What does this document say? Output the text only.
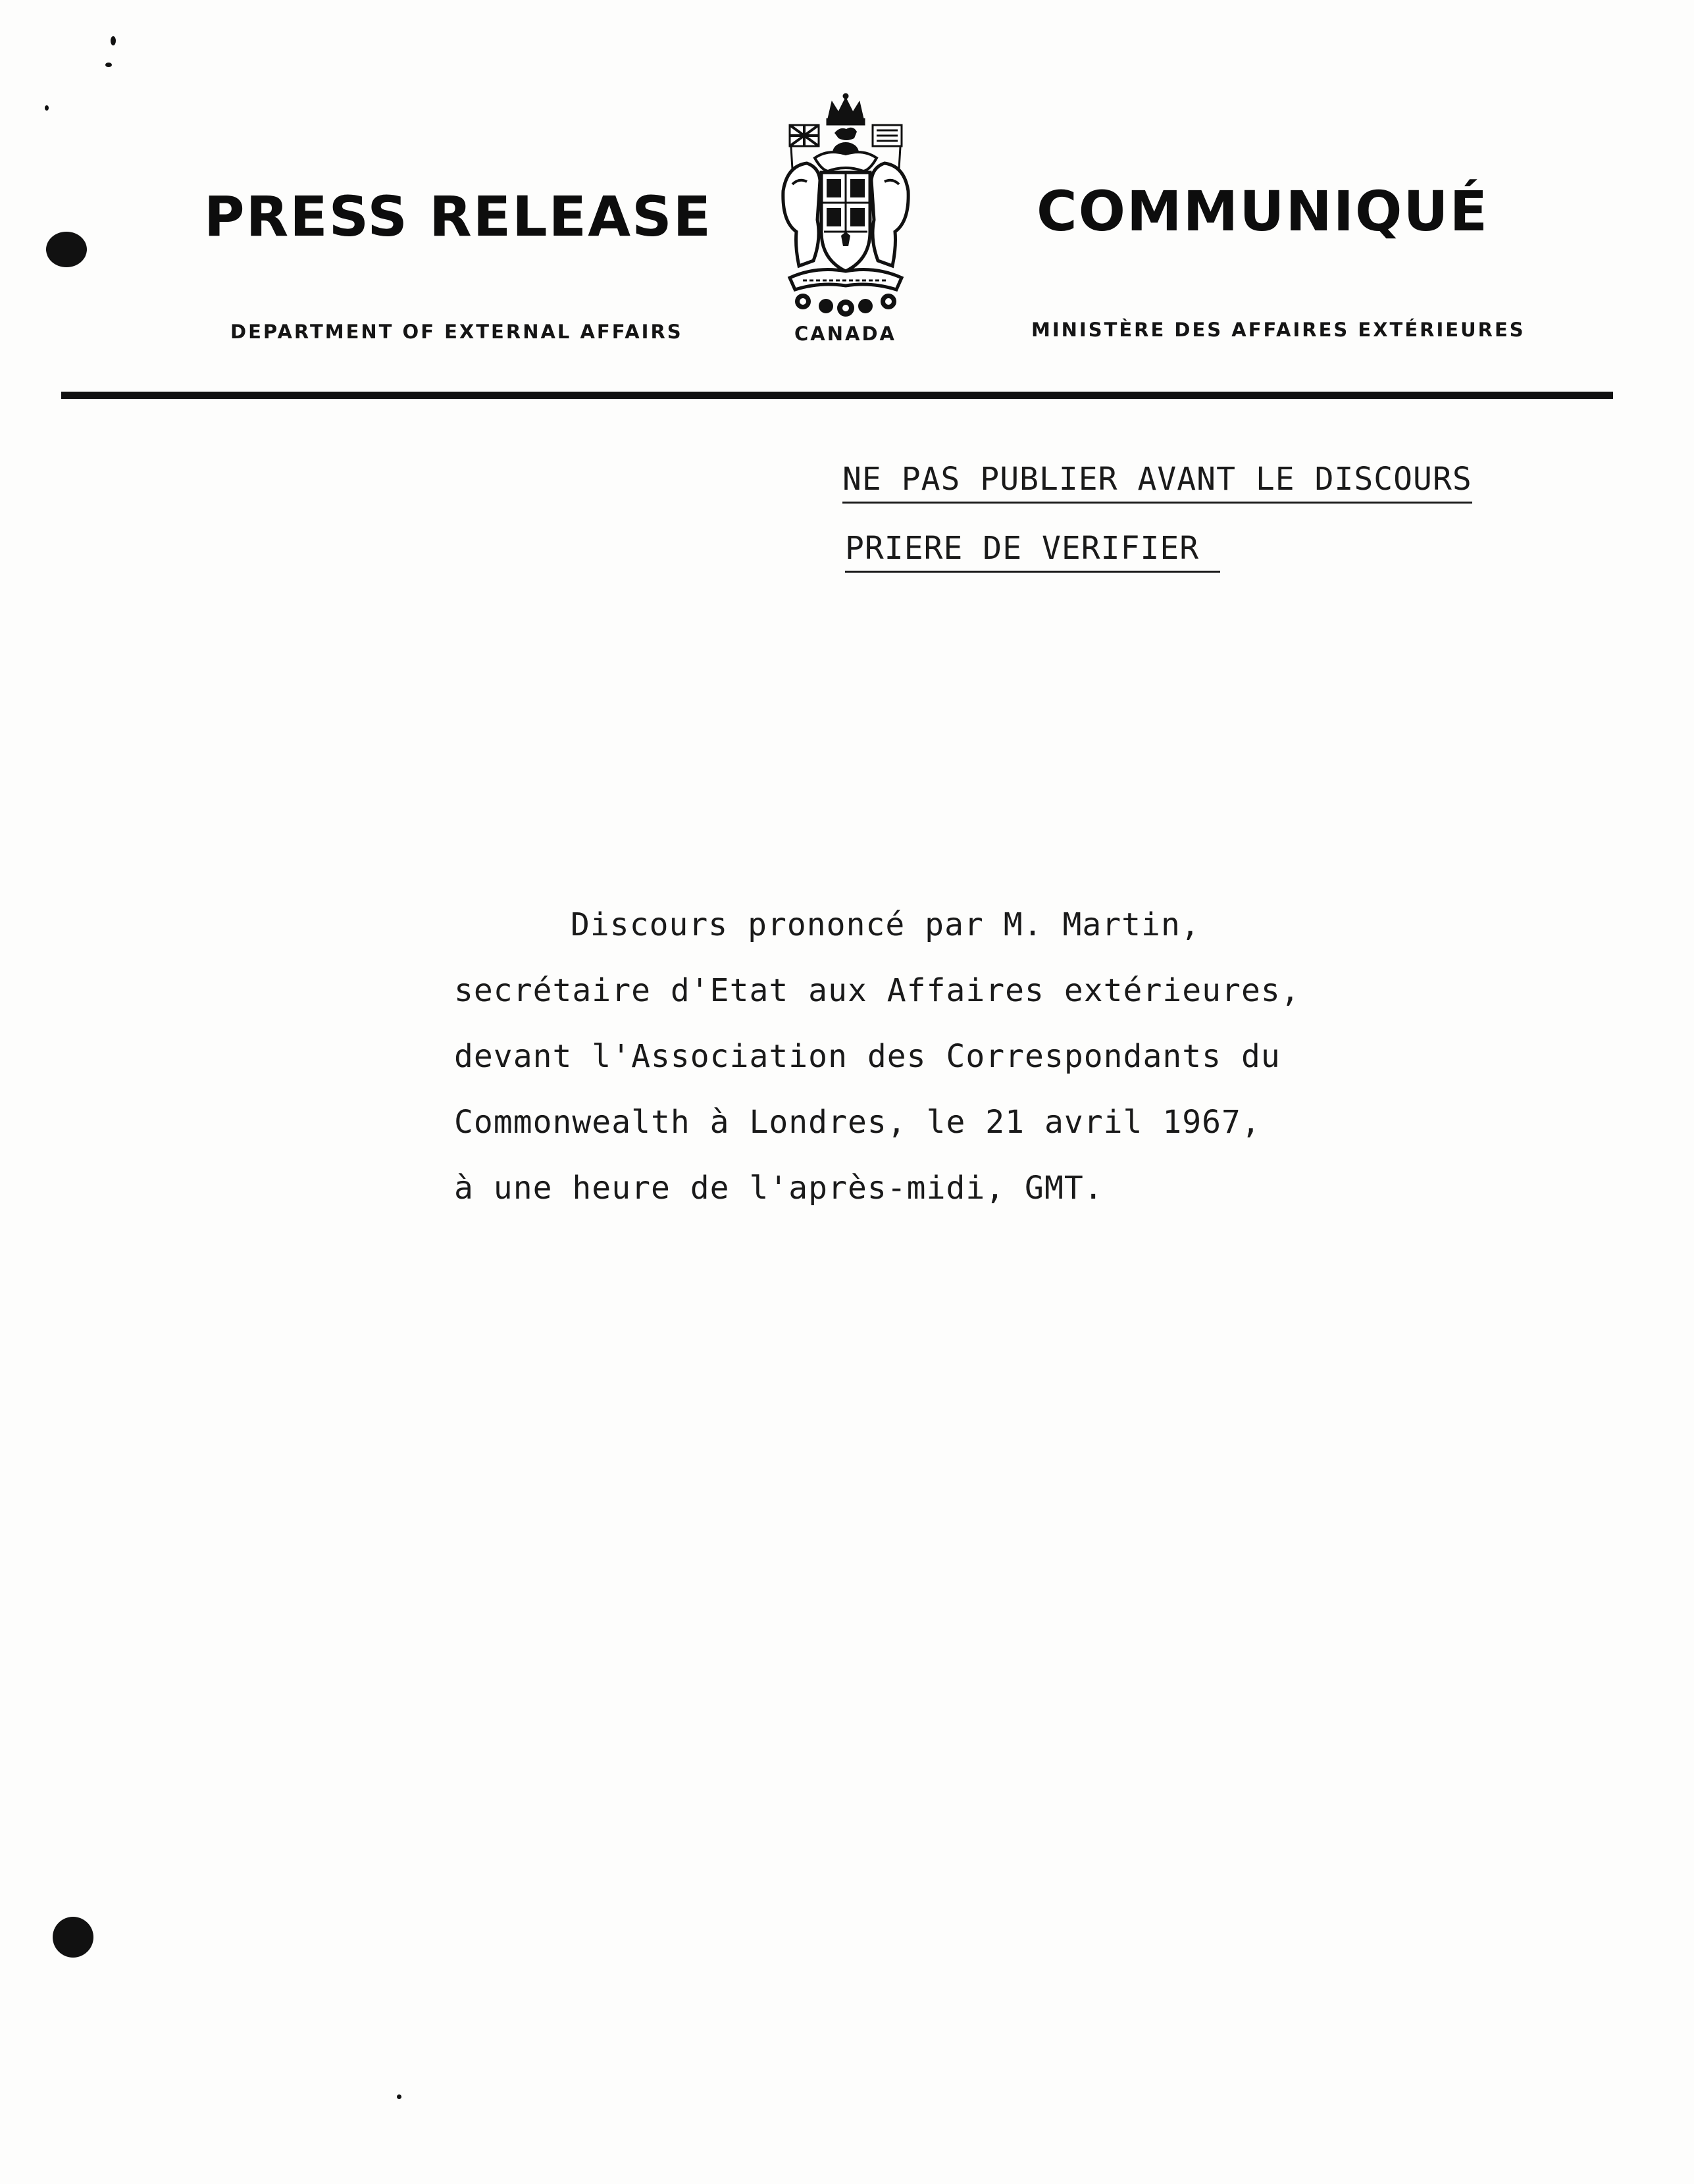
PRESS RELEASE	COMMUNIQUÉ
DEPARTMENT OF EXTERNAL AFFAIRS	CANADA	MINISTÈRE DES AFFAIRES EXTÉRIEURES
NE PAS PUBLIER AVANT LE DISCOURS
PRIERE DE VERIFIER
Discours prononcé par M. Martin,
secrétaire d'Etat aux Affaires extérieures,
devant l'Association des Correspondants du
Commonwealth à Londres, le 21 avril 1967,
à une heure de l'après-midi, GMT.
